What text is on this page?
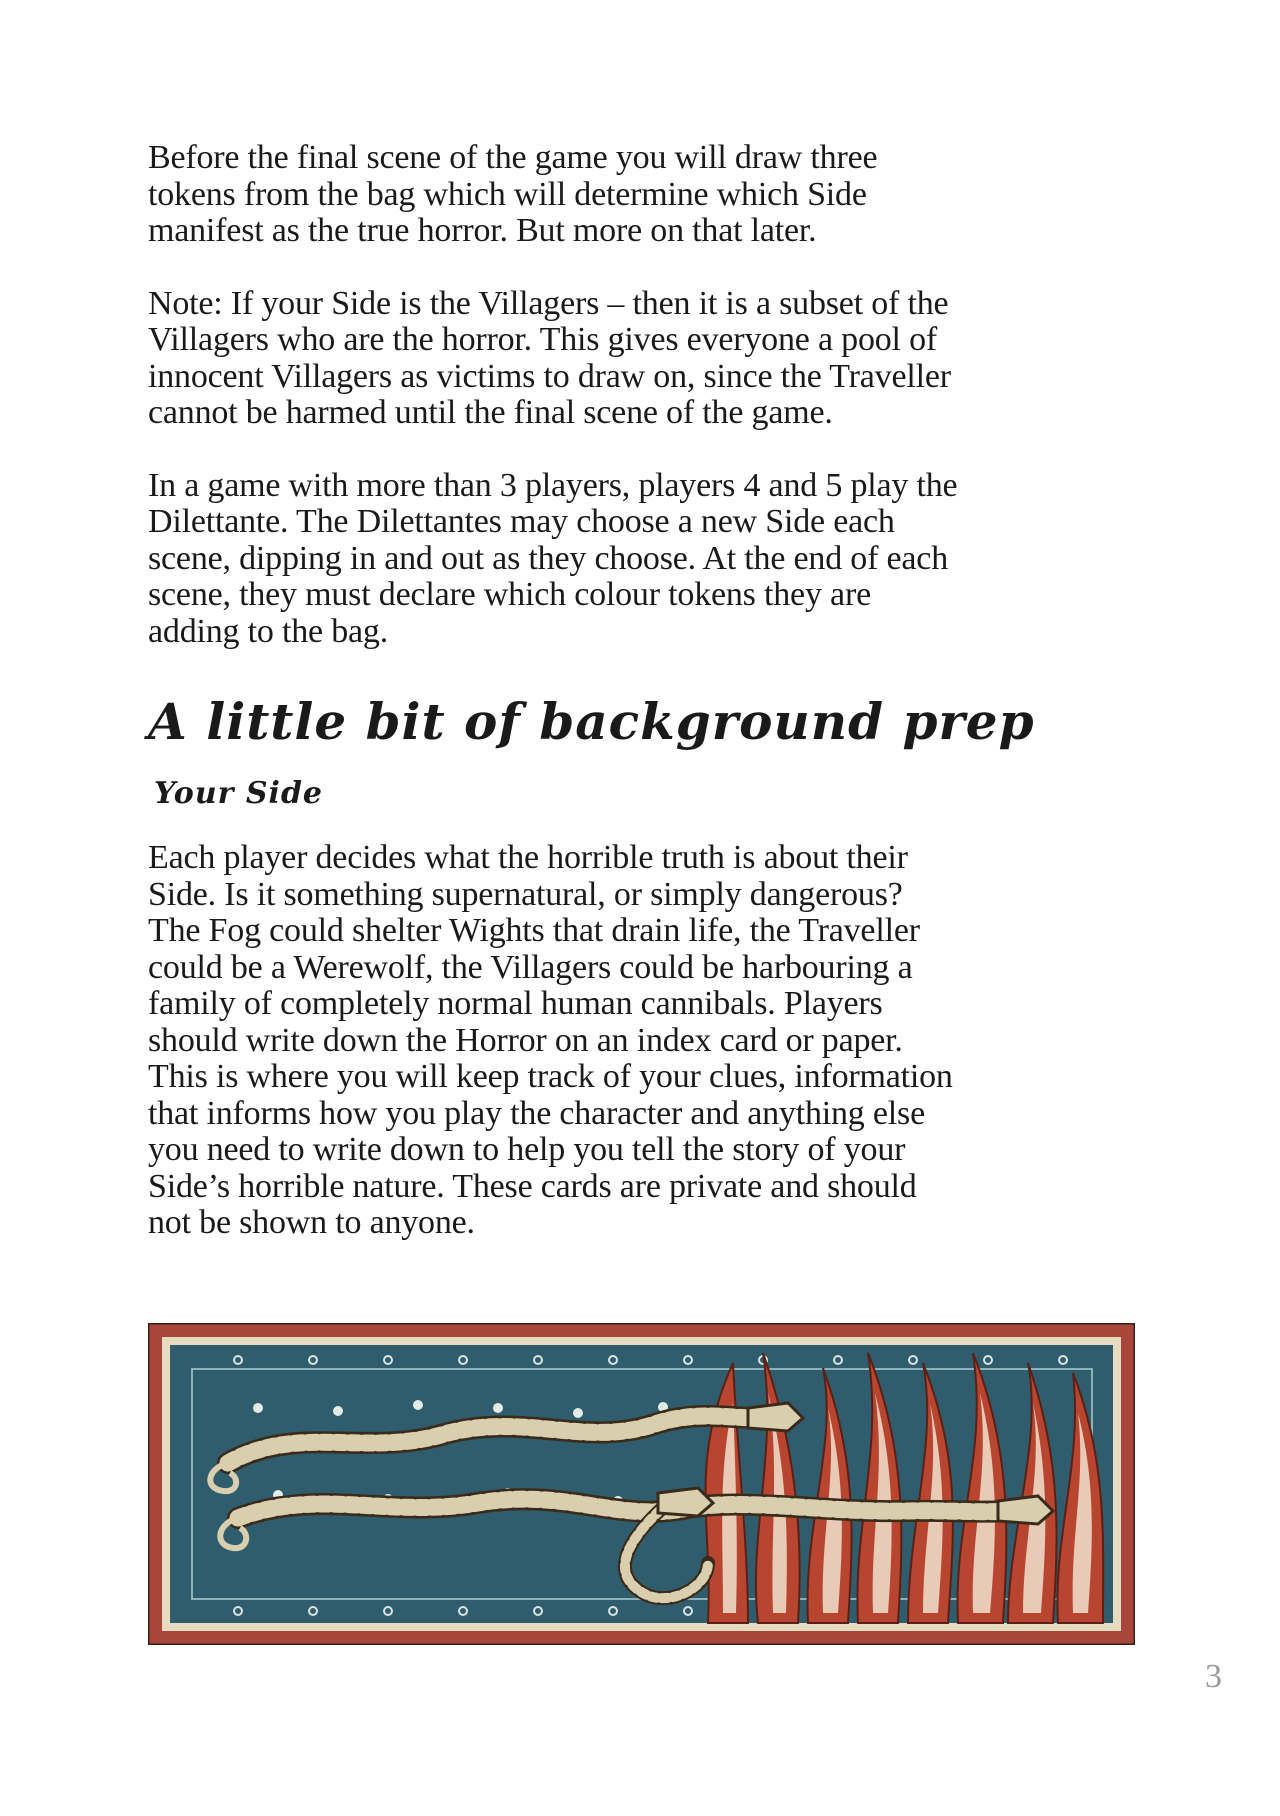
Before the final scene of the game you will draw three
tokens from the bag which will determine which Side
manifest as the true horror. But more on that later.

Note: If your Side is the Villagers – then it is a subset of the
Villagers who are the horror. This gives everyone a pool of
innocent Villagers as victims to draw on, since the Traveller
cannot be harmed until the final scene of the game.

In a game with more than 3 players, players 4 and 5 play the
Dilettante. The Dilettantes may choose a new Side each
scene, dipping in and out as they choose. At the end of each
scene, they must declare which colour tokens they are
adding to the bag.

A little bit of background prep
Your Side

Each player decides what the horrible truth is about their
Side. Is it something supernatural, or simply dangerous?
The Fog could shelter Wights that drain life, the Traveller
could be a Werewolf, the Villagers could be harbouring a
family of completely normal human cannibals. Players
should write down the Horror on an index card or paper.
This is where you will keep track of your clues, information
that informs how you play the character and anything else
you need to write down to help you tell the story of your
Side’s horrible nature. These cards are private and should
not be shown to anyone.

3
